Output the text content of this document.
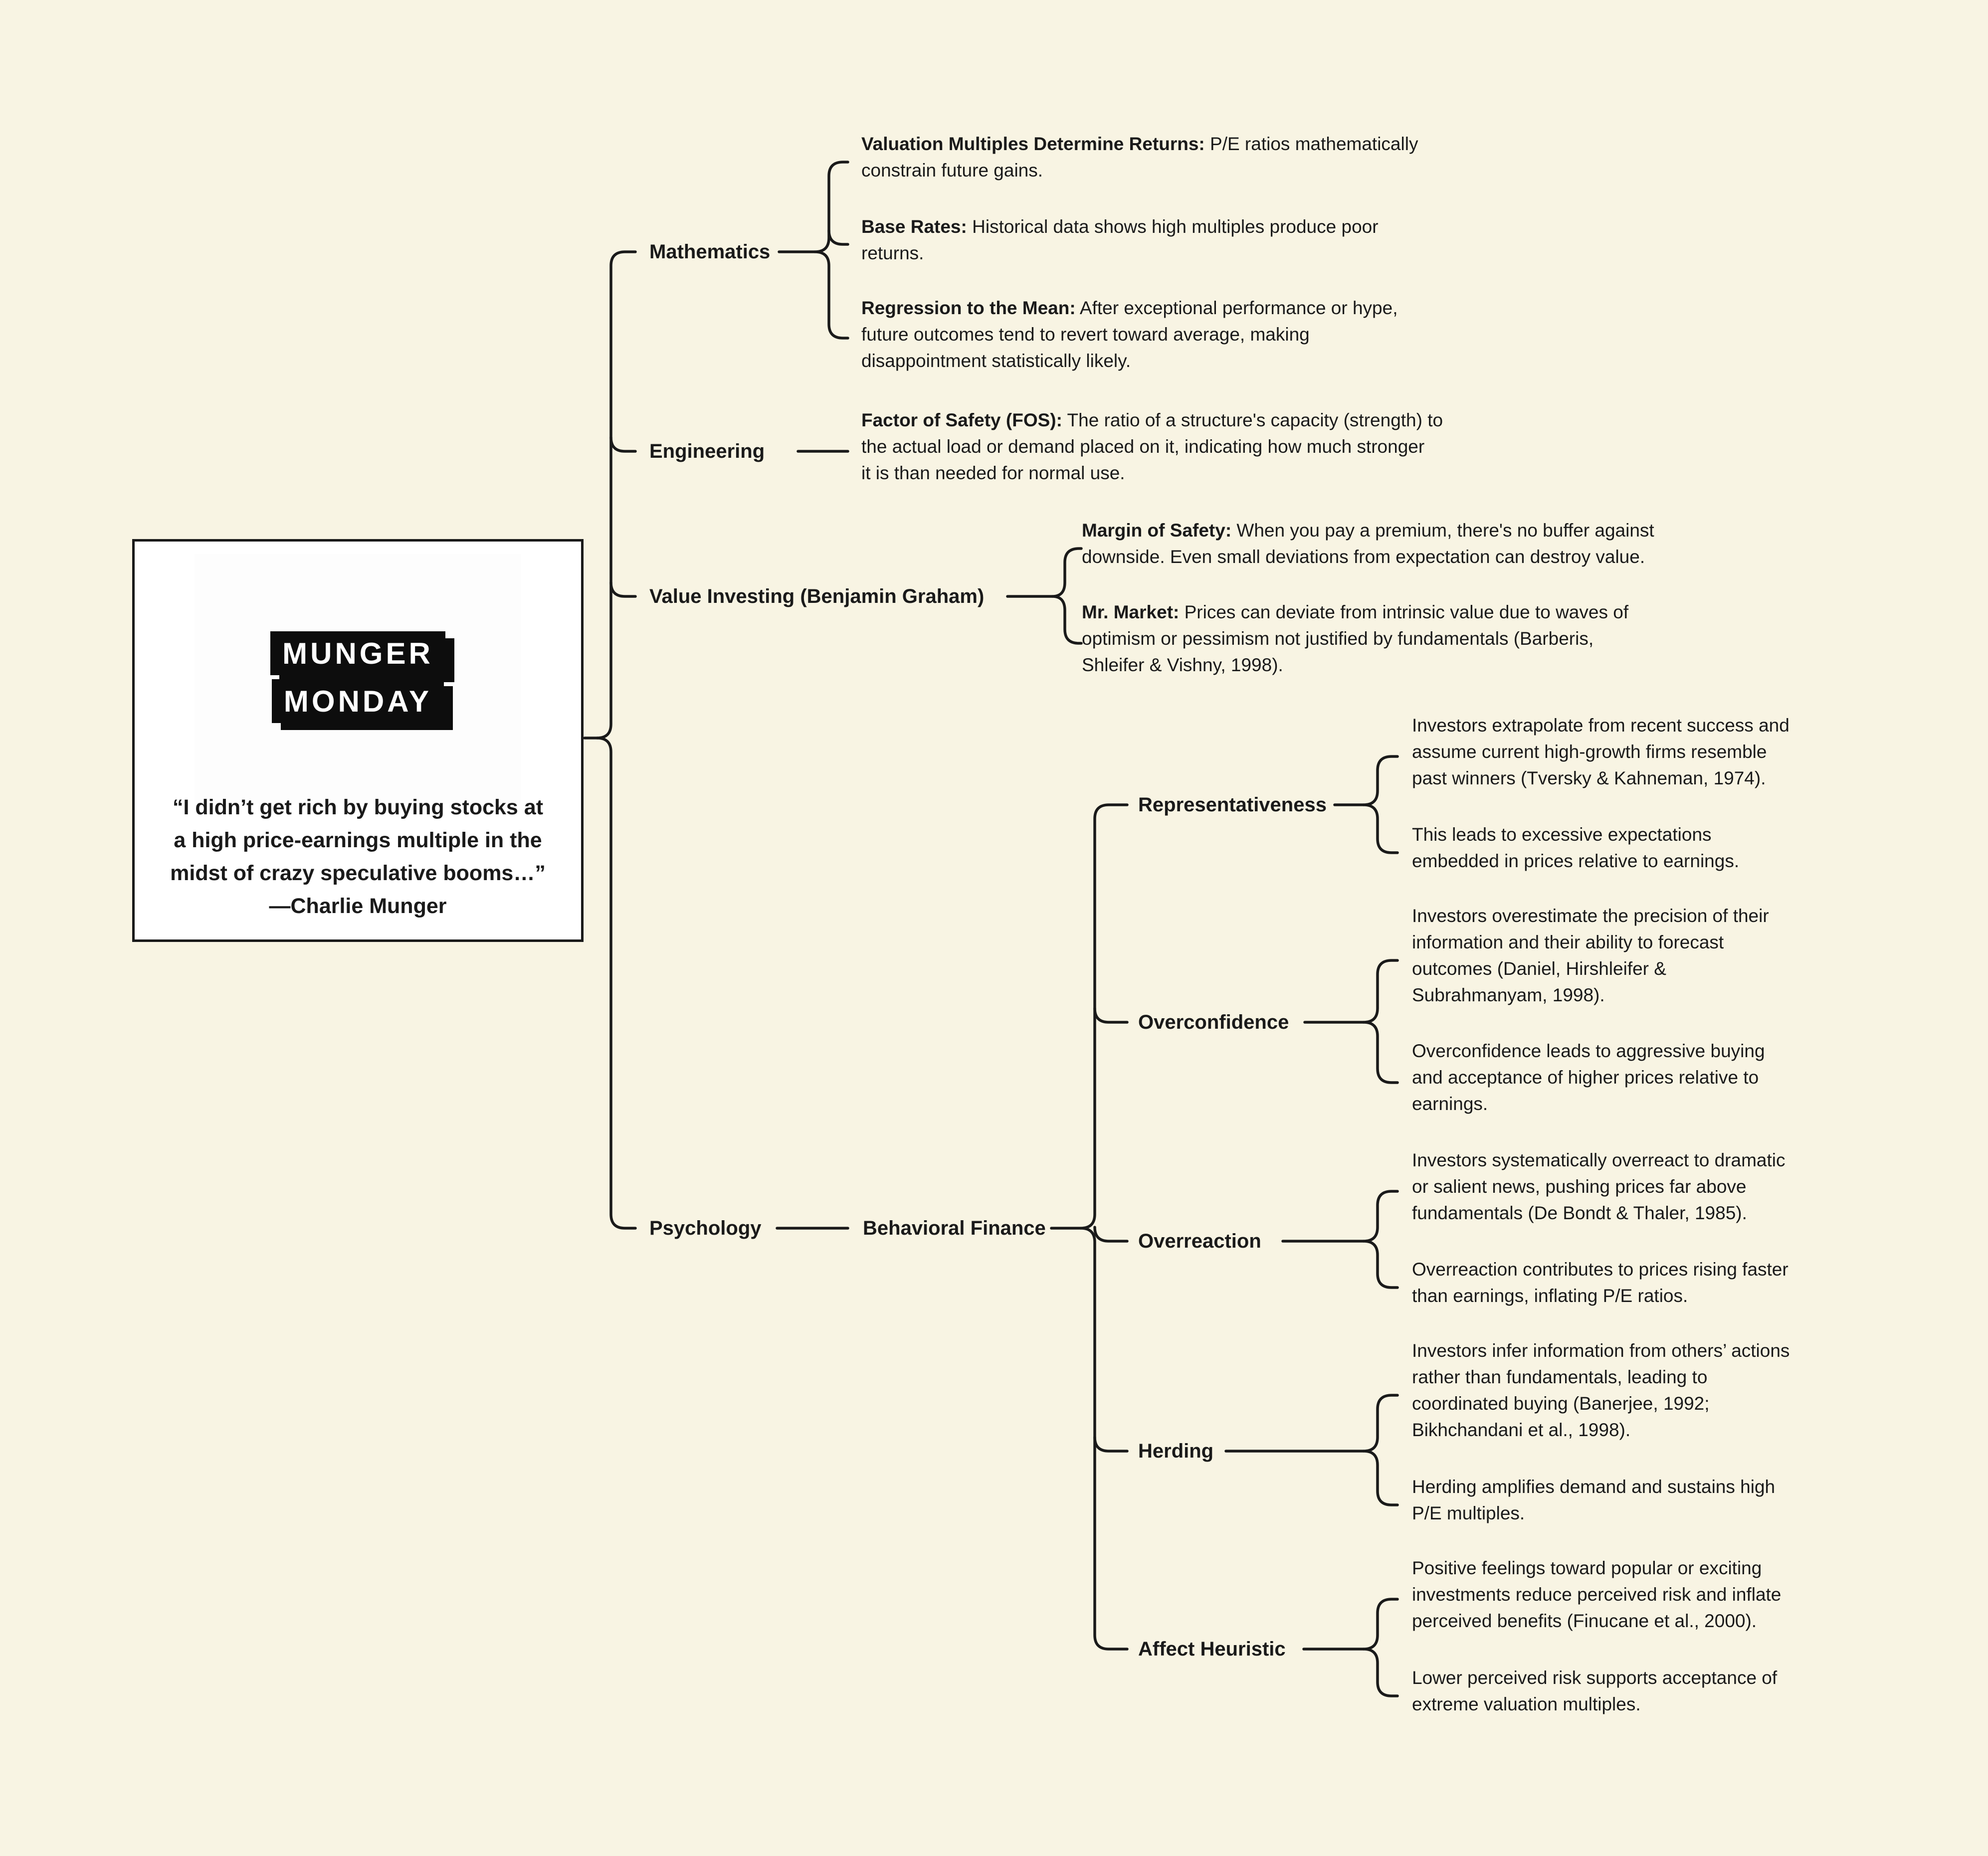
MUNGER
MONDAY
“I didn’t get rich by buying stocks at
a high price-earnings multiple in the
midst of crazy speculative booms…”
—Charlie Munger
Mathematics
Engineering
Value Investing (Benjamin Graham)
Psychology	Behavioral Finance
Valuation Multiples Determine Returns: P/E ratios mathematically
constrain future gains.
Base Rates: Historical data shows high multiples produce poor
returns.
Regression to the Mean: After exceptional performance or hype,
future outcomes tend to revert toward average, making
disappointment statistically likely.
Factor of Safety (FOS): The ratio of a structure's capacity (strength) to
the actual load or demand placed on it, indicating how much stronger
it is than needed for normal use.
Margin of Safety: When you pay a premium, there's no buffer against
downside. Even small deviations from expectation can destroy value.
Mr. Market: Prices can deviate from intrinsic value due to waves of
optimism or pessimism not justified by fundamentals (Barberis,
Shleifer & Vishny, 1998).
Representativeness
Overconfidence
Overreaction
Herding
Affect Heuristic
Investors extrapolate from recent success and
assume current high-growth firms resemble
past winners (Tversky & Kahneman, 1974).
This leads to excessive expectations
embedded in prices relative to earnings.
Investors overestimate the precision of their
information and their ability to forecast
outcomes (Daniel, Hirshleifer &
Subrahmanyam, 1998).
Overconfidence leads to aggressive buying
and acceptance of higher prices relative to
earnings.
Investors systematically overreact to dramatic
or salient news, pushing prices far above
fundamentals (De Bondt & Thaler, 1985).
Overreaction contributes to prices rising faster
than earnings, inflating P/E ratios.
Investors infer information from others’ actions
rather than fundamentals, leading to
coordinated buying (Banerjee, 1992;
Bikhchandani et al., 1998).
Herding amplifies demand and sustains high
P/E multiples.
Positive feelings toward popular or exciting
investments reduce perceived risk and inflate
perceived benefits (Finucane et al., 2000).
Lower perceived risk supports acceptance of
extreme valuation multiples.
